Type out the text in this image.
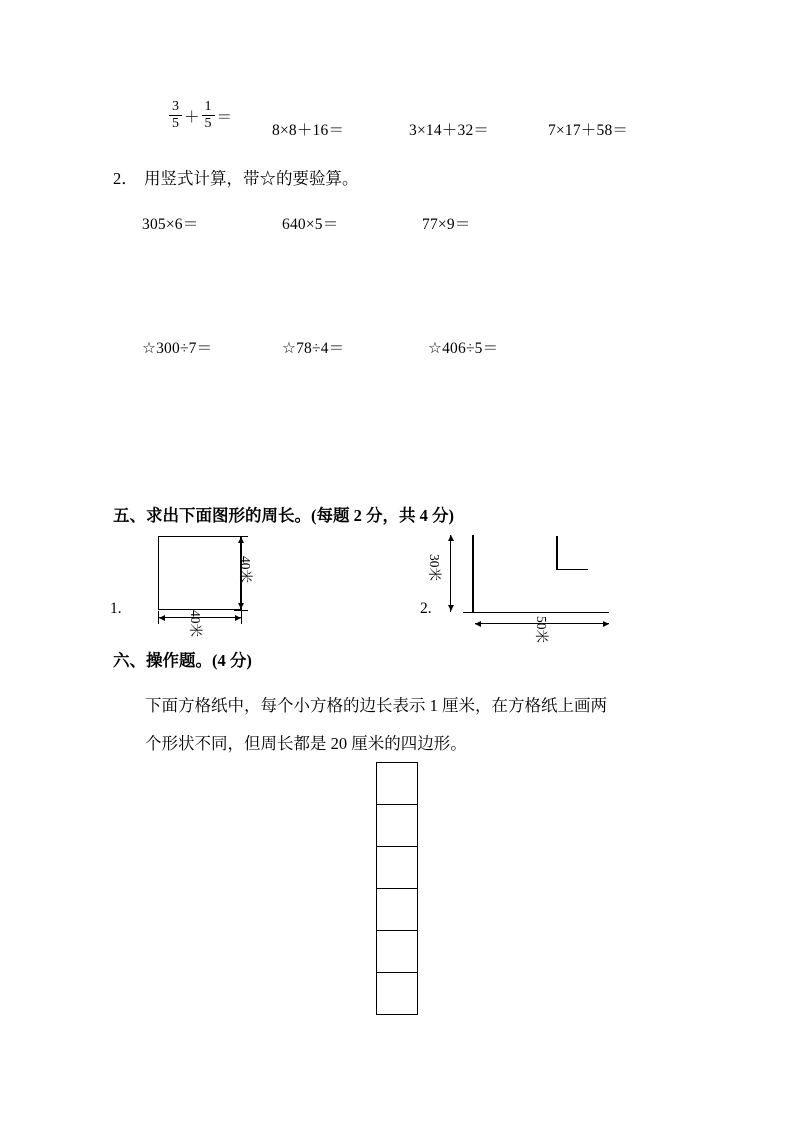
$\frac{3}{5} + \frac{1}{5}$ ＝
8×8＋16＝	3×14＋32＝	7×17＋58＝
2． 用竖式计算，带☆的要验算。
305×6＝	640×5＝	77×9＝
☆300÷7＝	☆78÷4＝	☆406÷5＝
五、求出下面图形的周长。(每题 2 分，共 4 分)
1.
40米
40米
2.
30米
50米
六、操作题。(4 分)
下面方格纸中，每个小方格的边长表示 1 厘米，在方格纸上画两
个形状不同，但周长都是 20 厘米的四边形。
